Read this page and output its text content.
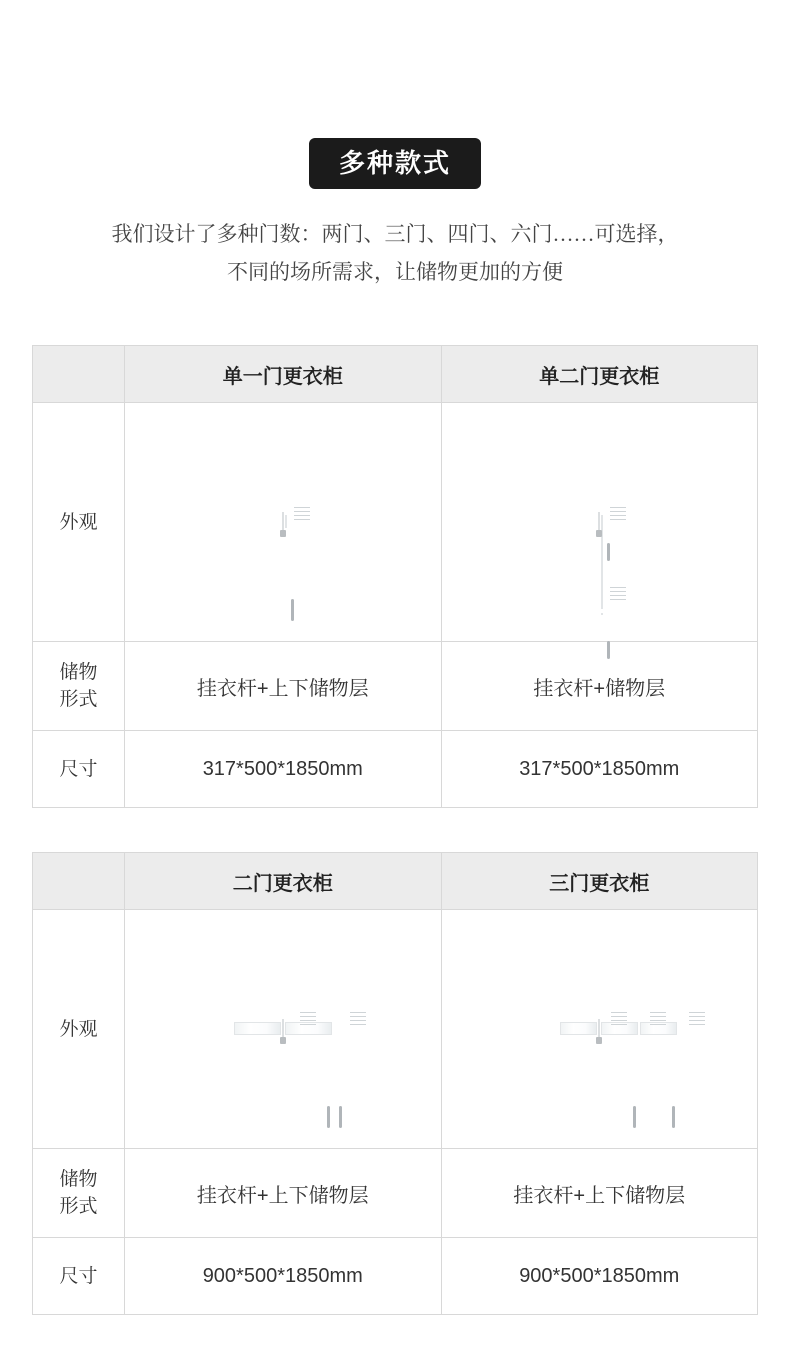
多种款式
我们设计了多种门数：两门、三门、四门、六门……可选择，
不同的场所需求，让储物更加的方便
	单一门更衣柜	单二门更衣柜
外观	

储物
形式	挂衣杆+上下储物层	挂衣杆+储物层
尺寸	317*500*1850mm	317*500*1850mm
	二门更衣柜	三门更衣柜
外观	

储物
形式	挂衣杆+上下储物层	挂衣杆+上下储物层
尺寸	900*500*1850mm	900*500*1850mm
